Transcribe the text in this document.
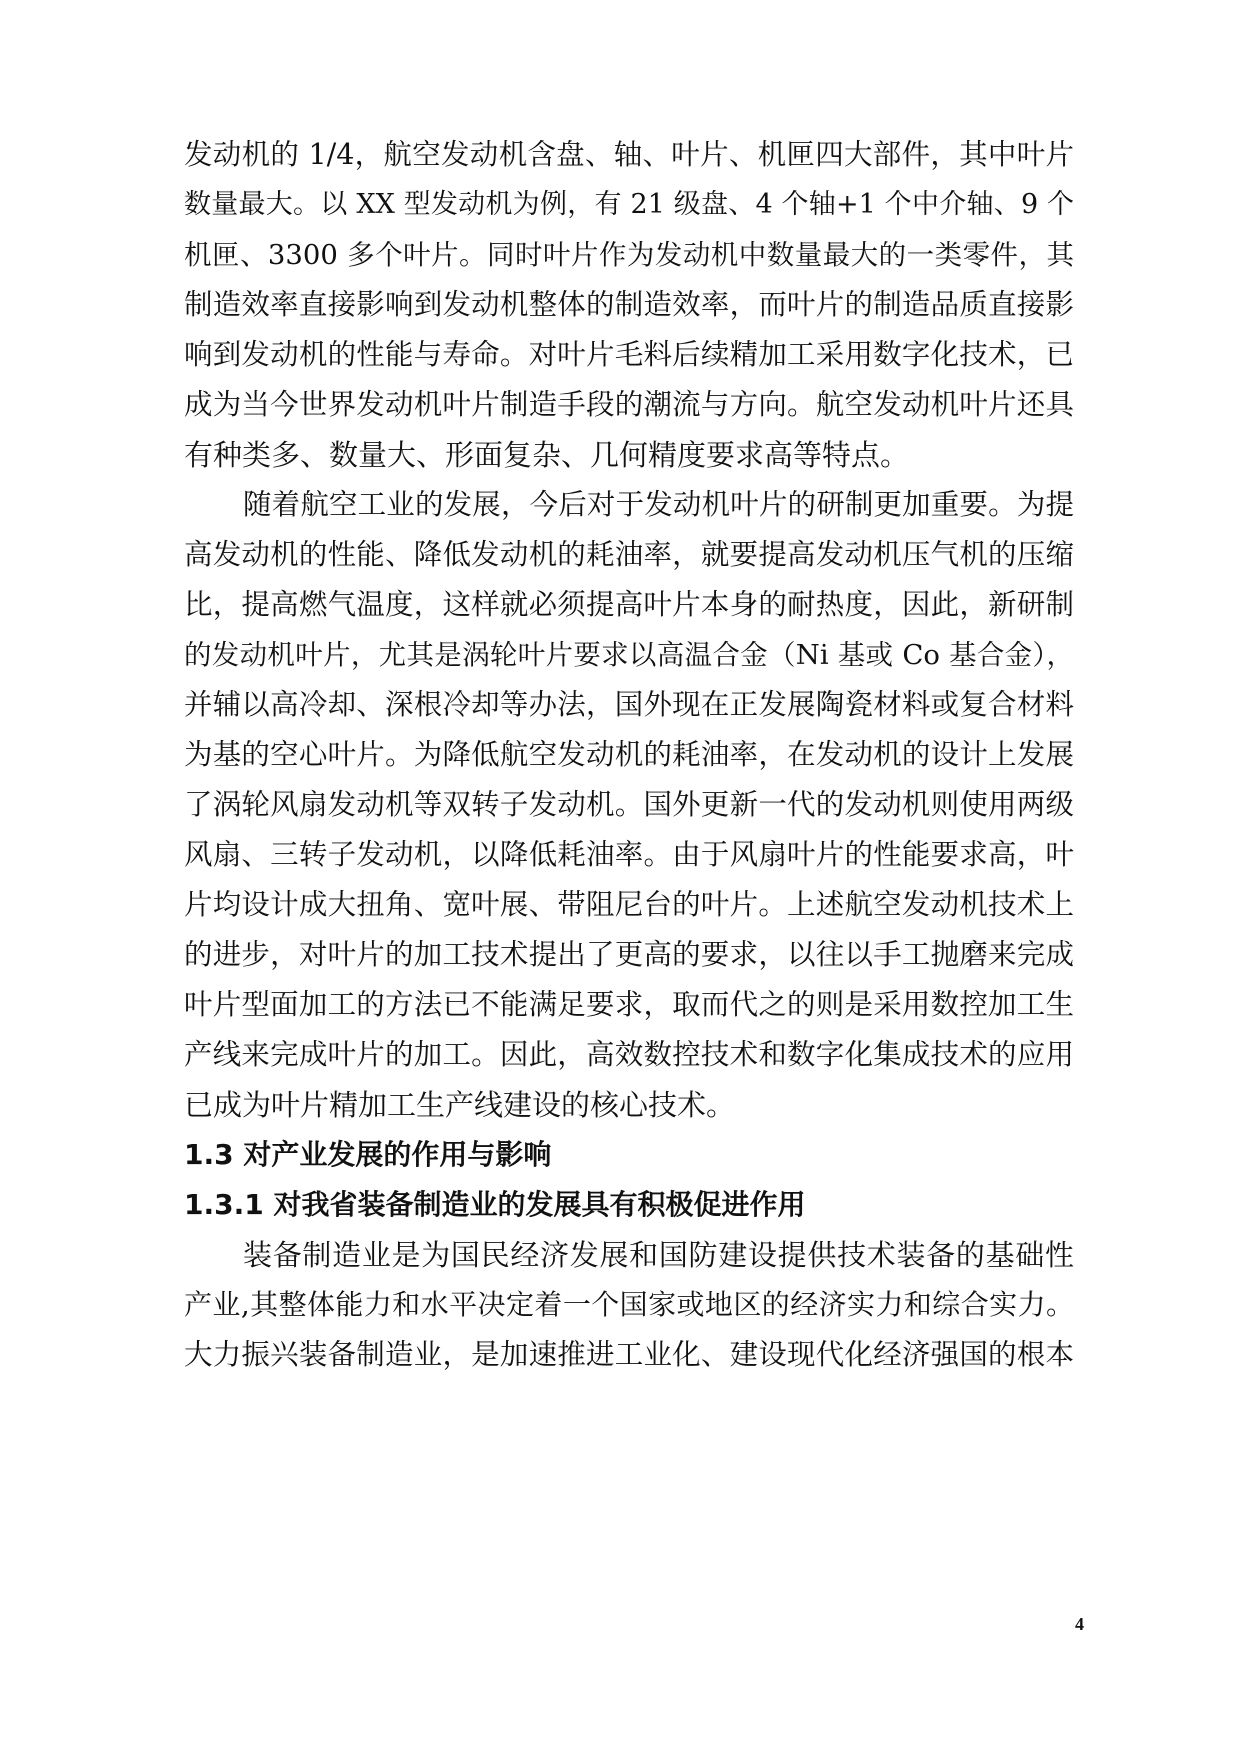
发动机的 1/4，航空发动机含盘、轴、叶片、机匣四大部件，其中叶片
数量最大。以 XX 型发动机为例，有 21 级盘、4 个轴+1 个中介轴、9 个
机匣、3300 多个叶片。同时叶片作为发动机中数量最大的一类零件，其
制造效率直接影响到发动机整体的制造效率，而叶片的制造品质直接影
响到发动机的性能与寿命。对叶片毛料后续精加工采用数字化技术，已
成为当今世界发动机叶片制造手段的潮流与方向。航空发动机叶片还具
有种类多、数量大、形面复杂、几何精度要求高等特点。
随着航空工业的发展，今后对于发动机叶片的研制更加重要。为提
高发动机的性能、降低发动机的耗油率，就要提高发动机压气机的压缩
比，提高燃气温度，这样就必须提高叶片本身的耐热度，因此，新研制
的发动机叶片，尤其是涡轮叶片要求以高温合金（Ni 基或 Co 基合金），
并辅以高冷却、深根冷却等办法，国外现在正发展陶瓷材料或复合材料
为基的空心叶片。为降低航空发动机的耗油率，在发动机的设计上发展
了涡轮风扇发动机等双转子发动机。国外更新一代的发动机则使用两级
风扇、三转子发动机，以降低耗油率。由于风扇叶片的性能要求高，叶
片均设计成大扭角、宽叶展、带阻尼台的叶片。上述航空发动机技术上
的进步，对叶片的加工技术提出了更高的要求，以往以手工抛磨来完成
叶片型面加工的方法已不能满足要求，取而代之的则是采用数控加工生
产线来完成叶片的加工。因此，高效数控技术和数字化集成技术的应用
已成为叶片精加工生产线建设的核心技术。
1.3 对产业发展的作用与影响
1.3.1 对我省装备制造业的发展具有积极促进作用
装备制造业是为国民经济发展和国防建设提供技术装备的基础性
产业,其整体能力和水平决定着一个国家或地区的经济实力和综合实力。
大力振兴装备制造业，是加速推进工业化、建设现代化经济强国的根本
4
